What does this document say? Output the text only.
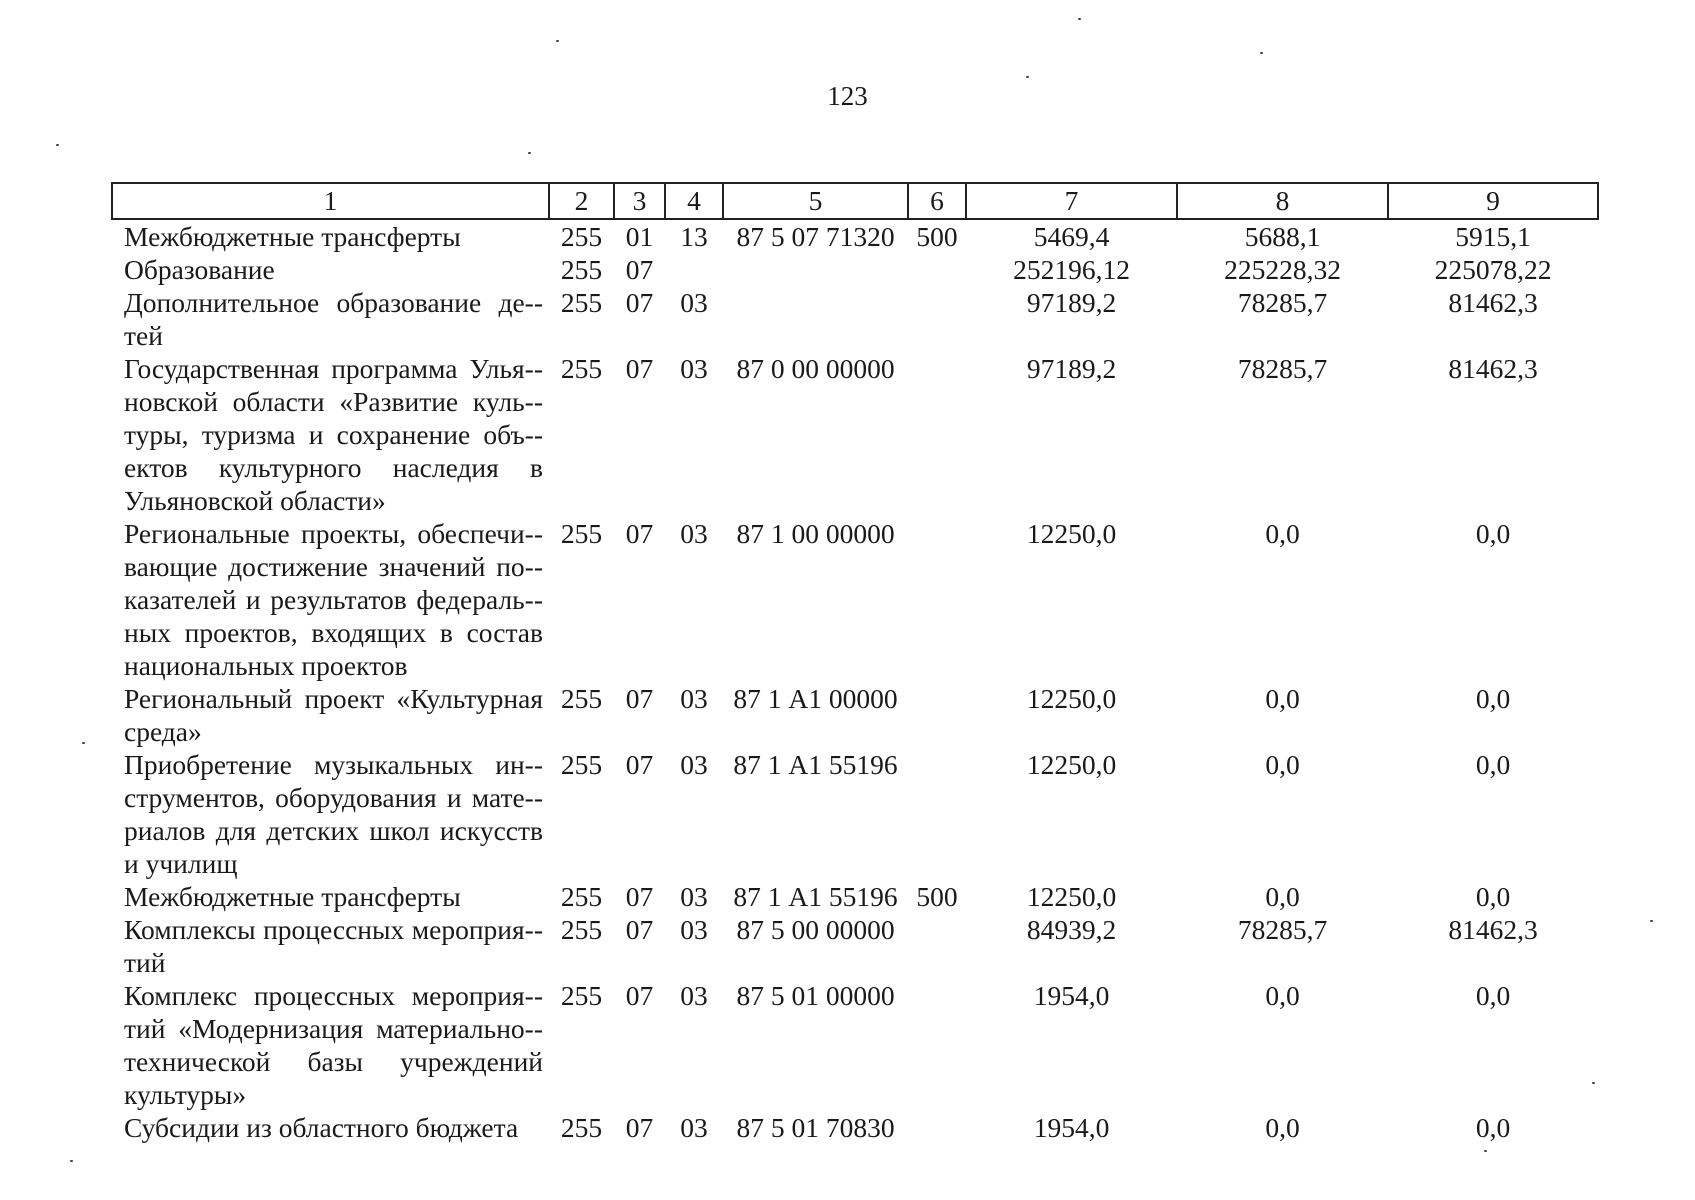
123
1	2	3	4	5	6	7	8	9
Межбюджетные трансферты	255	01	13	87 5 07 71320	500	5469,4	5688,1	5915,1
Образование	255	07				252196,12	225228,32	225078,22
Дополнительное образование де-тей	255	07	03			97189,2	78285,7	81462,3
Государственная программа Улья-новской области «Развитие куль-туры, туризма и сохранение объ-ектов культурного наследия в Ульяновской области»	255	07	03	87 0 00 00000		97189,2	78285,7	81462,3
Региональные проекты, обеспечи-вающие достижение значений по-казателей и результатов федераль-ных проектов, входящих в состав национальных проектов	255	07	03	87 1 00 00000		12250,0	0,0	0,0
Региональный проект «Культурная среда»	255	07	03	87 1 А1 00000		12250,0	0,0	0,0
Приобретение музыкальных ин-струментов, оборудования и мате-риалов для детских школ искусств и училищ	255	07	03	87 1 А1 55196		12250,0	0,0	0,0
Межбюджетные трансферты	255	07	03	87 1 А1 55196	500	12250,0	0,0	0,0
Комплексы процессных мероприя-тий	255	07	03	87 5 00 00000		84939,2	78285,7	81462,3
Комплекс процессных мероприя-тий «Модернизация материально-технической базы учреждений культуры»	255	07	03	87 5 01 00000		1954,0	0,0	0,0
Субсидии из областного бюджета	255	07	03	87 5 01 70830		1954,0	0,0	0,0
